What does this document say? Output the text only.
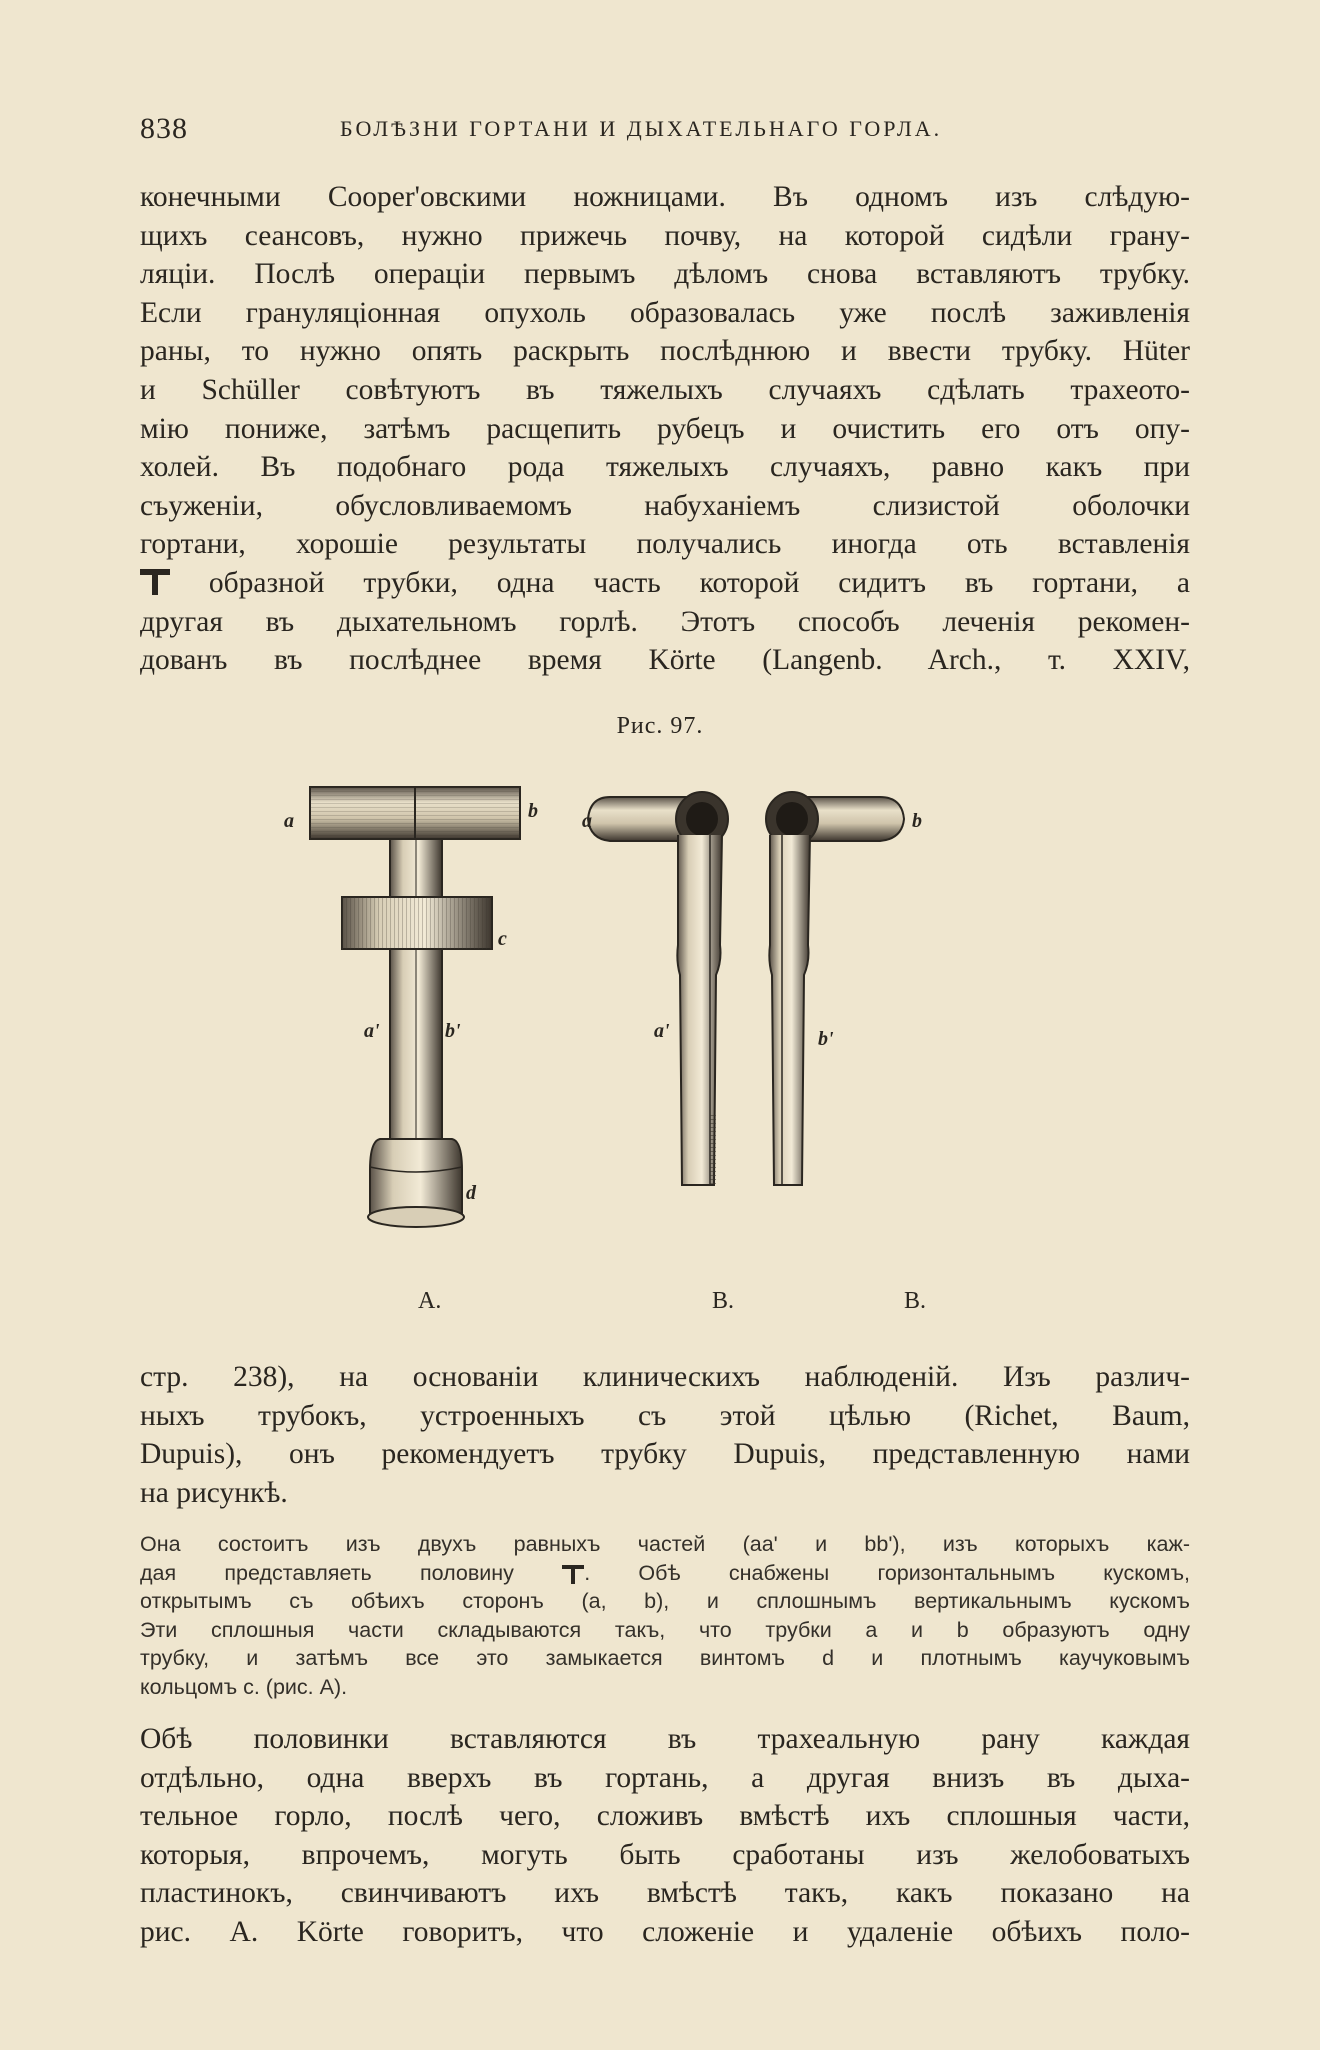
838	БОЛѢЗНИ ГОРТАНИ И ДЫХАТЕЛЬНАГО ГОРЛА.
конечными Cooper'овскими ножницами. Въ одномъ изъ слѣдую-
щихъ сеансовъ, нужно прижечь почву, на которой сидѣли грану-
ляціи. Послѣ операціи первымъ дѣломъ снова вставляютъ трубку.
Если грануляціонная опухоль образовалась уже послѣ заживленія
раны, то нужно опять раскрыть послѣднюю и ввести трубку. Hüter
и Schüller совѣтуютъ въ тяжелыхъ случаяхъ сдѣлать трахеото-
мію пониже, затѣмъ расщепить рубецъ и очистить его отъ опу-
холей. Въ подобнаго рода тяжелыхъ случаяхъ, равно какъ при
съуженіи, обусловливаемомъ набуханіемъ слизистой оболочки
гортани, хорошіе результаты получались иногда оть вставленія
образной трубки, одна часть которой сидитъ въ гортани, а
другая въ дыхательномъ горлѣ. Этотъ способъ леченія рекомен-
дованъ въ послѣднее время Körte (Langenb. Arch., т. XXIV,
Рис. 97.
a	b
c
a'	b'
d
a
a'
b
b'
A.	B.	B.
стр. 238), на основаніи клиническихъ наблюденій. Изъ различ-
ныхъ трубокъ, устроенныхъ съ этой цѣлью (Richet, Baum,
Dupuis), онъ рекомендуетъ трубку Dupuis, представленную нами
на рисункѣ.
Она состоитъ изъ двухъ равныхъ частей (aa' и bb'), изъ которыхъ каж-
дая представляеть половину	. Обѣ снабжены горизонтальнымъ кускомъ,
открытымъ съ обѣихъ сторонъ (a, b), и сплошнымъ вертикальнымъ кускомъ
Эти сплошныя части складываются такъ, что трубки a и b образуютъ одну
трубку, и затѣмъ все это замыкается винтомъ d и плотнымъ каучуковымъ
кольцомъ c. (рис. A).
Обѣ половинки вставляются въ трахеальную рану каждая
отдѣльно, одна вверхъ въ гортань, а другая внизъ въ дыха-
тельное горло, послѣ чего, сложивъ вмѣстѣ ихъ сплошныя части,
которыя, впрочемъ, могуть быть сработаны изъ желобоватыхъ
пластинокъ, свинчиваютъ ихъ вмѣстѣ такъ, какъ показано на
рис. A. Körte говоритъ, что сложеніе и удаленіе обѣихъ поло-
